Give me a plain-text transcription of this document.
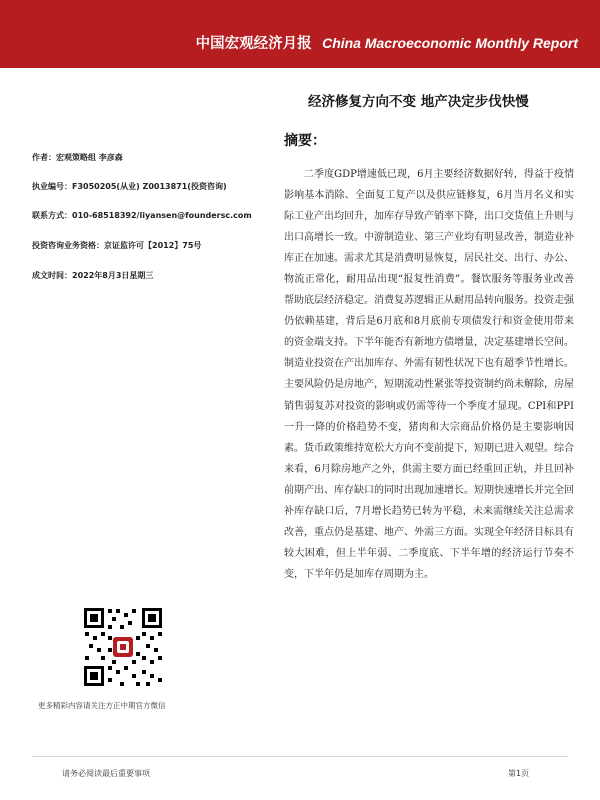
中国宏观经济月报 China Macroeconomic Monthly Report
经济修复方向不变 地产决定步伐快慢
摘要：
作者：宏观策略组 李彦森
执业编号：F3050205(从业) Z0013871(投资咨询)
联系方式：010-68518392/liyansen@foundersc.com
投资咨询业务资格：京证监许可【2012】75号
成文时间：2022年8月3日星期三

二季度GDP增速低已现，6月主要经济数据好转，得益于疫情影响基本消除、全面复工复产以及供应链修复，6月当月名义和实际工业产出均回升，加库存导致产销率下降，出口交货值上升则与出口高增长一致。中游制造业、第三产业均有明显改善，制造业补库正在加速。需求尤其是消费明显恢复，居民社交、出行、办公、物流正常化，耐用品出现“报复性消费”。餐饮服务等服务业改善帮助底层经济稳定。消费复苏逻辑正从耐用品转向服务。投资走强仍依赖基建，背后是6月底和8月底前专项债发行和资金使用带来的资金端支持。下半年能否有新地方债增量，决定基建增长空间。制造业投资在产出加库存、外需有韧性状况下也有超季节性增长。主要风险仍是房地产，短期流动性紧张等投资制约尚未解除，房屋销售弱复苏对投资的影响或仍需等待一个季度才显现。CPI和PPI一升一降的价格趋势不变，猪肉和大宗商品价格仍是主要影响因素。货币政策维持宽松大方向不变前提下，短期已进入观望。综合来看，6月除房地产之外，供需主要方面已经重回正轨，并且回补前期产出、库存缺口的同时出现加速增长。短期快速增长并完全回补库存缺口后，7月增长趋势已转为平稳，未来需继续关注总需求改善，重点仍是基建、地产、外需三方面。实现全年经济目标具有较大困难，但上半年弱、二季度底、下半年增的经济运行节奏不变，下半年仍是加库存周期为主。

更多精彩内容请关注方正中期官方微信
请务必阅读最后重要事项	第1页
